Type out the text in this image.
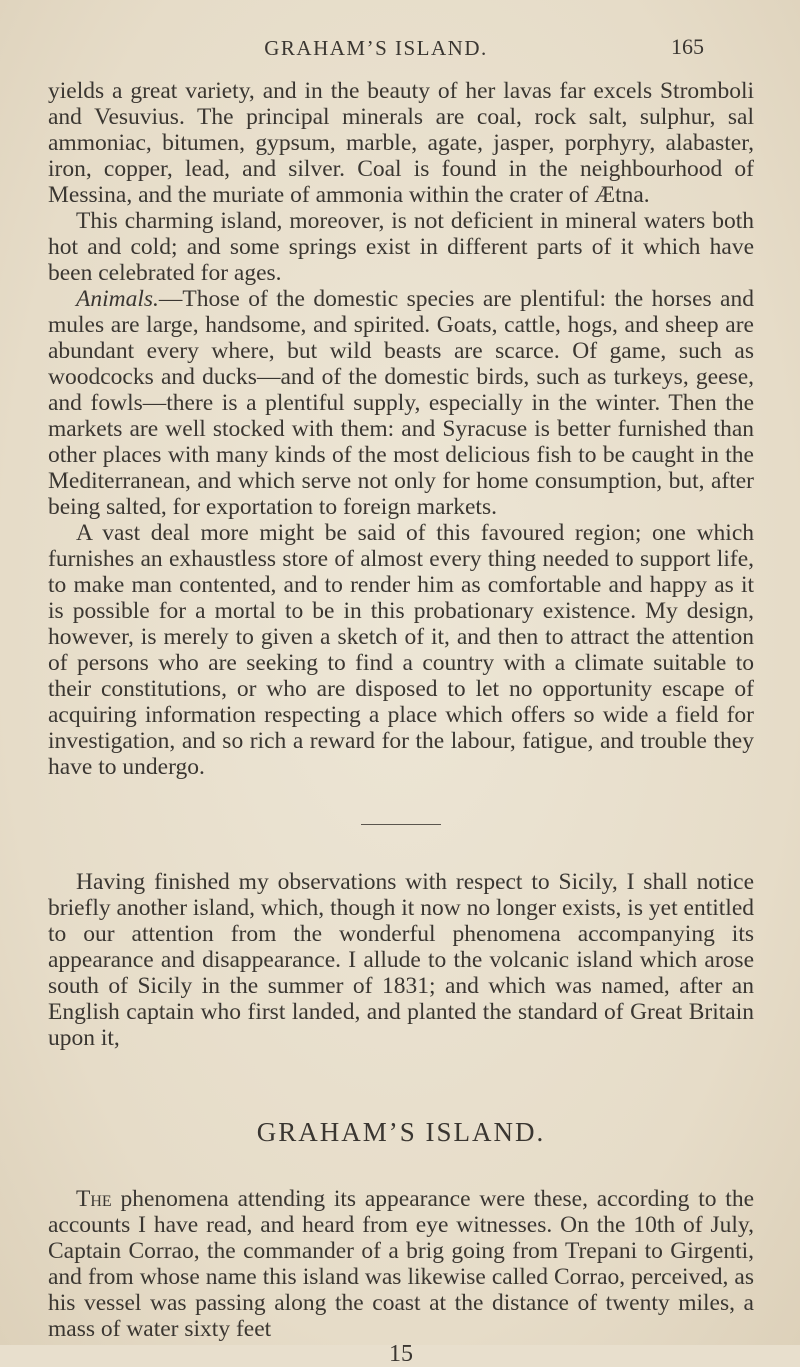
GRAHAM’S ISLAND.	165

yields a great variety, and in the beauty of her lavas far excels Stromboli and Vesuvius. The principal minerals are coal, rock salt, sulphur, sal ammoniac, bitumen, gypsum, marble, agate, jasper, porphyry, alabaster, iron, copper, lead, and silver. Coal is found in the neighbourhood of Messina, and the muriate of ammonia within the crater of Ætna.

This charming island, moreover, is not deficient in mineral waters both hot and cold; and some springs exist in different parts of it which have been celebrated for ages.

Animals.—Those of the domestic species are plentiful: the horses and mules are large, handsome, and spirited. Goats, cattle, hogs, and sheep are abundant every where, but wild beasts are scarce. Of game, such as woodcocks and ducks—and of the domestic birds, such as turkeys, geese, and fowls—there is a plentiful supply, especially in the winter. Then the markets are well stocked with them: and Syracuse is better furnished than other places with many kinds of the most delicious fish to be caught in the Mediterranean, and which serve not only for home consumption, but, after being salted, for exportation to foreign markets.

A vast deal more might be said of this favoured region; one which furnishes an exhaustless store of almost every thing needed to support life, to make man contented, and to render him as comfortable and happy as it is possible for a mortal to be in this probationary existence. My design, however, is merely to given a sketch of it, and then to attract the attention of persons who are seeking to find a country with a climate suitable to their constitutions, or who are disposed to let no opportunity escape of acquiring information respecting a place which offers so wide a field for investigation, and so rich a reward for the labour, fatigue, and trouble they have to undergo.

Having finished my observations with respect to Sicily, I shall notice briefly another island, which, though it now no longer exists, is yet entitled to our attention from the wonderful phenomena accompanying its appearance and disappearance. I allude to the volcanic island which arose south of Sicily in the summer of 1831; and which was named, after an English captain who first landed, and planted the standard of Great Britain upon it,

GRAHAM’S ISLAND.

The phenomena attending its appearance were these, according to the accounts I have read, and heard from eye witnesses. On the 10th of July, Captain Corrao, the commander of a brig going from Trepani to Girgenti, and from whose name this island was likewise called Corrao, perceived, as his vessel was passing along the coast at the distance of twenty miles, a mass of water sixty feet

15
